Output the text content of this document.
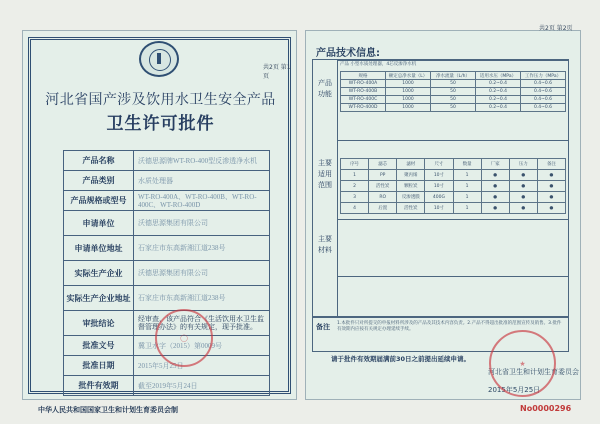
共2页 第1页
河北省国产涉及饮用水卫生安全产品
卫生许可批件
产品名称	沃德思源牌WT-RO-400型反渗透净水机
产品类别	水质处理器
产品规格或型号	WT-RO-400A、WT-RO-400B、WT-RO-400C、WT-RO-400D
申请单位	沃德思源集团有限公司
申请单位地址	石家庄市东高新湘江道238号
实际生产企业	沃德思源集团有限公司
实际生产企业地址	石家庄市东高新湘江道238号
审批结论	经审查，该产品符合《生活饮用水卫生监督管理办法》的有关规定，现予批准。
批准文号	冀卫水字（2015）第0009号
批准日期	2015年5月25日
批件有效期	截至2019年5月24日
◯
共2页 第2页
产品技术信息:
产品功能
主要适用范围
主要材料
产品 小型水质处理器，4芯反渗净水机
规格	额定总净水量（L）	净水流量（L/h）	适用水压（MPa）	工作压力（MPa）
WT-RO-400A	1000	50	0.2~0.4	0.4~0.6
WT-RO-400B	1000	50	0.2~0.4	0.4~0.6
WT-RO-400C	1000	50	0.2~0.4	0.4~0.6
WT-RO-400D	1000	50	0.2~0.4	0.4~0.6
序号	滤芯	滤材	尺寸	数量	厂家	压力	备注
1	PP	聚丙烯	10寸	1	●	●	●
2	活性炭	颗粒炭	10寸	1	●	●	●
3	RO	反渗透膜	400G	1	●	●	●
4	后置	活性炭	10寸	1	●	●	●
备注 1.本批件只对所提交的申报材料所涉及的产品及其技术内容负责。2.产品不得超出批准的范围宣传及销售。3.批件有效期内应按有关规定办理延续手续。
请于批件有效期届满前30日之前提出延续申请。
河北省卫生和计划生育委员会
2015年5月25日
★
中华人民共和国国家卫生和计划生育委员会制	No0000296
